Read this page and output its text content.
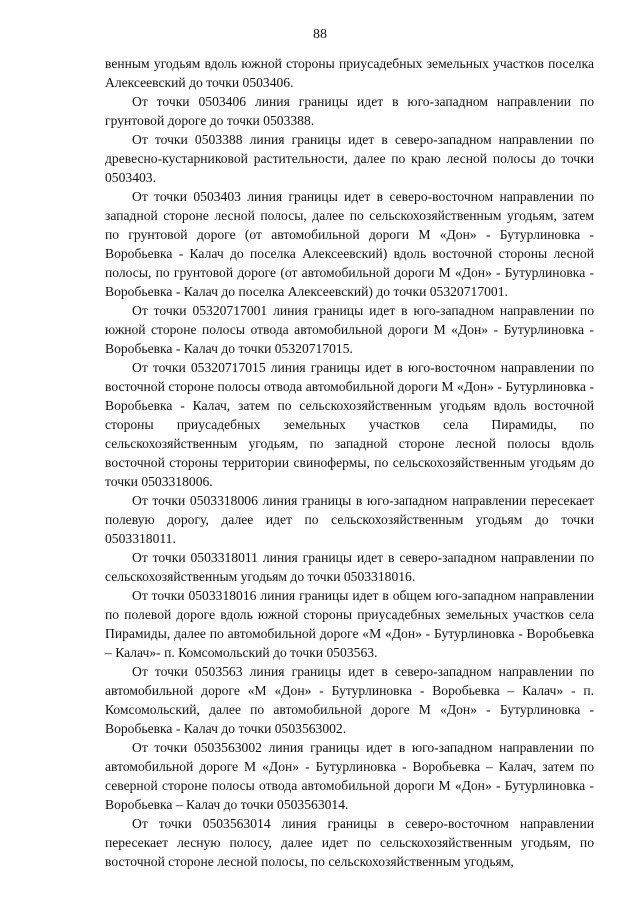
88

венным угодьям вдоль южной стороны приусадебных земельных участков поселка Алексеевский до точки 0503406.

От точки 0503406 линия границы идет в юго-западном направлении по грунтовой дороге до точки 0503388.

От точки 0503388 линия границы идет в северо-западном направлении по древесно-кустарниковой растительности, далее по краю лесной полосы до точки 0503403.

От точки 0503403 линия границы идет в северо-восточном направлении по западной стороне лесной полосы, далее по сельскохозяйственным угодьям, затем по грунтовой дороге (от автомобильной дороги М «Дон» - Бутурлиновка - Воробьевка - Калач до поселка Алексеевский) вдоль восточной стороны лесной полосы, по грунтовой дороге (от автомобильной дороги М «Дон» - Бутурлиновка - Воробьевка - Калач до поселка Алексеевский) до точки 05320717001.

От точки 05320717001 линия границы идет в юго-западном направлении по южной стороне полосы отвода автомобильной дороги М «Дон» - Бутурлиновка - Воробьевка - Калач до точки 05320717015.

От точки 05320717015 линия границы идет в юго-восточном направлении по восточной стороне полосы отвода автомобильной дороги М «Дон» - Бутурлиновка - Воробьевка - Калач, затем по сельскохозяйственным угодьям вдоль восточной стороны приусадебных земельных участков села Пирамиды, по сельскохозяйственным угодьям, по западной стороне лесной полосы вдоль восточной стороны территории свинофермы, по сельскохозяйственным угодьям до точки 0503318006.

От точки 0503318006 линия границы в юго-западном направлении пересекает полевую дорогу, далее идет по сельскохозяйственным угодьям до точки 0503318011.

От точки 0503318011 линия границы идет в северо-западном направлении по сельскохозяйственным угодьям до точки 0503318016.

От точки 0503318016 линия границы идет в общем юго-западном направлении по полевой дороге вдоль южной стороны приусадебных земельных участков села Пирамиды, далее по автомобильной дороге «М «Дон» - Бутурлиновка - Воробьевка – Калач»- п. Комсомольский до точки 0503563.

От точки 0503563 линия границы идет в северо-западном направлении по автомобильной дороге «М «Дон» - Бутурлиновка - Воробьевка – Калач» - п. Комсомольский, далее по автомобильной дороге М «Дон» - Бутурлиновка - Воробьевка - Калач до точки 0503563002.

От точки 0503563002 линия границы идет в юго-западном направлении по автомобильной дороге М «Дон» - Бутурлиновка - Воробьевка – Калач, затем по северной стороне полосы отвода автомобильной дороги М «Дон» - Бутурлиновка - Воробьевка – Калач до точки 0503563014.

От точки 0503563014 линия границы в северо-восточном направлении пересекает лесную полосу, далее идет по сельскохозяйственным угодьям, по восточной стороне лесной полосы, по сельскохозяйственным угодьям,
